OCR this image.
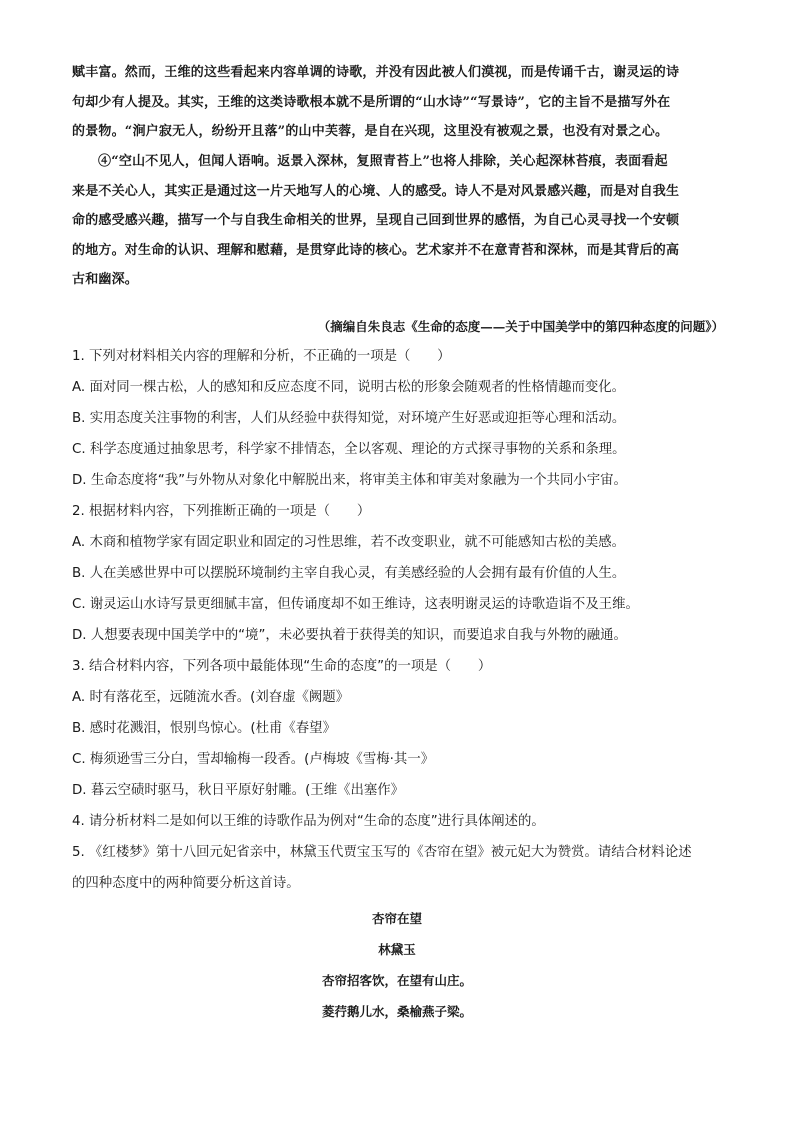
赋丰富。然而，王维的这些看起来内容单调的诗歌，并没有因此被人们漠视，而是传诵千古，谢灵运的诗

句却少有人提及。其实，王维的这类诗歌根本就不是所谓的“山水诗”“写景诗”，它的主旨不是描写外在

的景物。“涧户寂无人，纷纷开且落”的山中芙蓉，是自在兴现，这里没有被观之景，也没有对景之心。

④“空山不见人，但闻人语响。返景入深林，复照青苔上”也将人排除，关心起深林苔痕，表面看起

来是不关心人，其实正是通过这一片天地写人的心境、人的感受。诗人不是对风景感兴趣，而是对自我生

命的感受感兴趣，描写一个与自我生命相关的世界，呈现自己回到世界的感悟，为自己心灵寻找一个安顿

的地方。对生命的认识、理解和慰藉，是贯穿此诗的核心。艺术家并不在意青苔和深林，而是其背后的高

古和幽深。

（摘编自朱良志《生命的态度——关于中国美学中的第四种态度的问题》）
1. 下列对材料相关内容的理解和分析，不正确的一项是（　　）
A. 面对同一棵古松，人的感知和反应态度不同，说明古松的形象会随观者的性格情趣而变化。
B. 实用态度关注事物的利害，人们从经验中获得知觉，对环境产生好恶或迎拒等心理和活动。
C. 科学态度通过抽象思考，科学家不排情态，全以客观、理论的方式探寻事物的关系和条理。
D. 生命态度将“我”与外物从对象化中解脱出来，将审美主体和审美对象融为一个共同小宇宙。
2. 根据材料内容，下列推断正确的一项是（　　）
A. 木商和植物学家有固定职业和固定的习性思维，若不改变职业，就不可能感知古松的美感。
B. 人在美感世界中可以摆脱环境制约主宰自我心灵，有美感经验的人会拥有最有价值的人生。
C. 谢灵运山水诗写景更细腻丰富，但传诵度却不如王维诗，这表明谢灵运的诗歌造诣不及王维。
D. 人想要表现中国美学中的“境”，未必要执着于获得美的知识，而要追求自我与外物的融通。
3. 结合材料内容，下列各项中最能体现“生命的态度”的一项是（　　）
A. 时有落花至，远随流水香。(刘昚虚《阙题》
B. 感时花溅泪，恨别鸟惊心。(杜甫《春望》
C. 梅须逊雪三分白，雪却输梅一段香。(卢梅坡《雪梅·其一》
D. 暮云空碛时驱马，秋日平原好射雕。(王维《出塞作》
4. 请分析材料二是如何以王维的诗歌作品为例对“生命的态度”进行具体阐述的。
5. 《红楼梦》第十八回元妃省亲中，林黛玉代贾宝玉写的《杏帘在望》被元妃大为赞赏。请结合材料论述
的四种态度中的两种简要分析这首诗。
杏帘在望
林黛玉
杏帘招客饮，在望有山庄。
菱荇鹅儿水，桑榆燕子梁。
